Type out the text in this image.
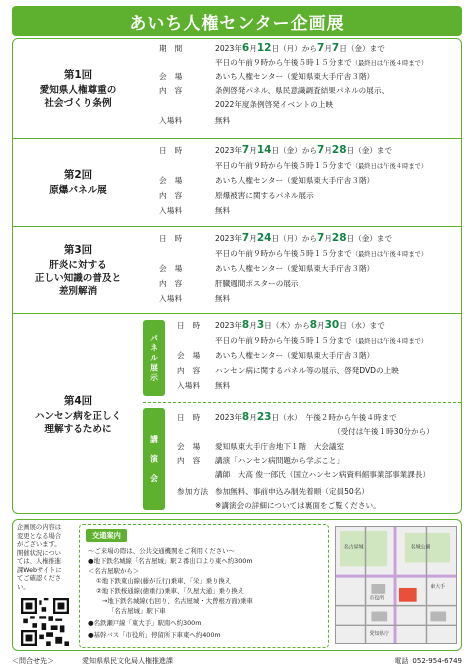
あいち人権センター企画展
第1回
愛知県人権尊重の
社会づくり条例
期　間	2023年6月12日（月）から7月7日（金）まで
平日の午前９時から午後５時１５分まで（最終日は午後４時まで）
会　場	あいち人権センター（愛知県東大手庁舎３階）
内　容	条例啓発パネル、県民意識調査結果パネルの展示、
2022年度条例啓発イベントの上映
入場料	無料
第2回
原爆パネル展
日　時	2023年7月14日（金）から7月28日（金）まで
平日の午前９時から午後５時１５分まで（最終日は午後４時まで）
会　場	あいち人権センター（愛知県東大手庁舎３階）
内　容	原爆被害に関するパネル展示
入場料	無料
第3回
肝炎に対する
正しい知識の普及と
差別解消
日　時	2023年7月24日（月）から7月28日（金）まで
平日の午前９時から午後５時１５分まで（最終日は午後４時まで）
会　場	あいち人権センター（愛知県東大手庁舎３階）
内　容	肝臓週間ポスターの展示
入場料	無料
第4回
ハンセン病を正しく
理解するために
パネル展示
講　演　会
日　時	2023年8月3日（木）から8月30日（水）まで
平日の午前９時から午後５時１５分まで（最終日は午後４時まで）
会　場	あいち人権センター（愛知県東大手庁舎３階）
内　容	ハンセン病に関するパネル等の展示、啓発DVDの上映
入場料	無料
日　時	2023年8月23日（水）　午後２時から午後４時まで
（受付は午後１時30分から）
会　場	愛知県東大手庁舎地下１階　大会議室
内　容	講演「ハンセン病問題から学ぶこと」
講師　大高 俊一郎氏（国立ハンセン病資料館事業部事業課長）
参加方法 参加無料、事前申込み制先着順（定員50名）
※講演会の詳細については裏面をご覧ください。
企画展の内容は
変更となる場合
がございます。
開催状況につい
ては、人権推進
課Webサイトに
てご確認くださ
い。
交通案内
～ご来場の際は、公共交通機関をご利用ください～
●地下鉄名城線「名古屋城」駅２番出口より東へ約300m
＜名古屋駅から＞
①地下鉄東山線(藤が丘行)乗車、「栄」乗り換え
②地下鉄桜通線(徳重行)乗車、「久屋大通」乗り換え
→地下鉄名城線(右回り、名古屋城・大曽根方面)乗車
「名古屋城」駅下車
●名鉄瀬戸線「東大手」駅南へ約300m
●基幹バス「市役所」停留所下車東へ約400m
名古屋城	名城公園
市役所
東大手
愛知県庁
＜問合せ先＞	愛知県県民文化局人権推進課	電話 052-954-6749
